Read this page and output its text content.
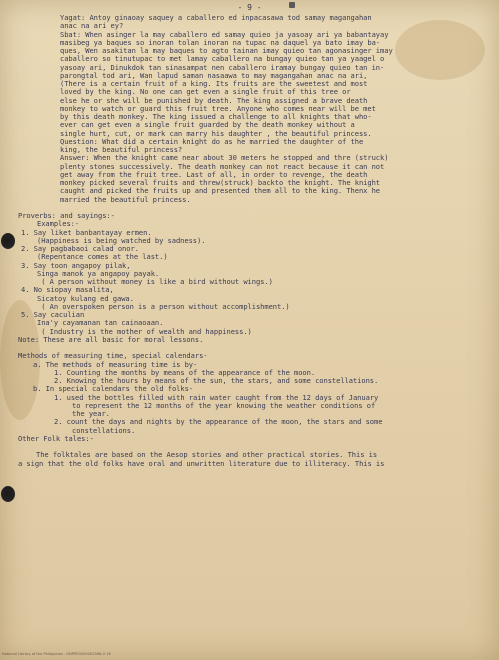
- 9 -
Yagat: Antoy ginaoay saquey a caballero ed inpacasawa tod samay magangahan
anac na ari ey?
Sbat: When asinger la may caballero ed samay quieo ja yasoay ari ya babantayay
masibeg ya baques so inoran tolan inoran na tupac na daquel ya bato imay ba-
ques, Wen asakitan la may baques to agto tainan imay quieo tan agonasinger imay
caballero so tinutupac to met lamay caballero na bungay quieo tan ya yaagel o
yasoay ari, Dinukdok tan sinasampat nen caballero iramay bungay quieo tan in-
parongtal tod ari, Wan lapud saman nasaawa to may magangahan anac na ari,
(There is a certain fruit of a king. Its fruits are the sweetest and most
loved by the king. No one can get even a single fruit of this tree or
else he or she will be punished by death. The king assigned a brave death
monkey to watch or guard this fruit tree. Anyone who comes near will be met
by this death monkey. The king issued a challenge to all knights that who-
ever can get even a single fruit guarded by the death monkey without a
single hurt, cut, or mark can marry his daughter , the beautiful princess.
Question: What did a certain knight do as he married the daughter of the
king, the beautiful princess?
Answer: When the knight came near about 30 meters he stopped and thre (struck)
plenty stones successively. The death monkey can not react because it can not
get away from the fruit tree. Last of all, in order to revenge, the death
monkey picked several fruits and threw(struck) backto the knight. The knight
caught and picked the fruits up and presented them all to the king. Thenx he
married the beautiful princess.
Proverbs: and sayings:-
Examples:-
1. Say liket banbantayay ermen.
(Happiness is being watched by sadness).
2. Say pagbabaoi calad onor.
(Repentance comes at the last.)
3. Say toon angapoy pilak,
Singa manok ya angapoy payak.
( A person without money is like a bird without wings.)
4. No siopay masalita,
Sicatoy kulang ed gawa.
( An overspoken person is a person without accomplishment.)
5. Say caculian
Ina'y cayamanan tan cainaoaan.
( Industry is the mother of wealth and happiness.)
Note: These are all basic for moral lessons.
Methods of measuring time, special calendars-
a. The methods of measuring time is by-
1. Counting the months by means of the appearance of the moon.
2. Knowing the hours by means of the sun, the stars, and some constellations.
b. In special calendars the old folks-
1. used the bottles filled with rain water caught from the 12 days of January
to represent the 12 months of the year knowing the weather conditions of
the year.
2. count the days and nights by the appearance of the moon, the stars and some
constellations.
Other Folk tales:-
The folktales are based on the Aesop stories and other practical stories. This is
a sign that the old folks have oral and unwritten literature due to illiteracy. This is
National Library of the Philippines - HDPPE0000002568-0-16
